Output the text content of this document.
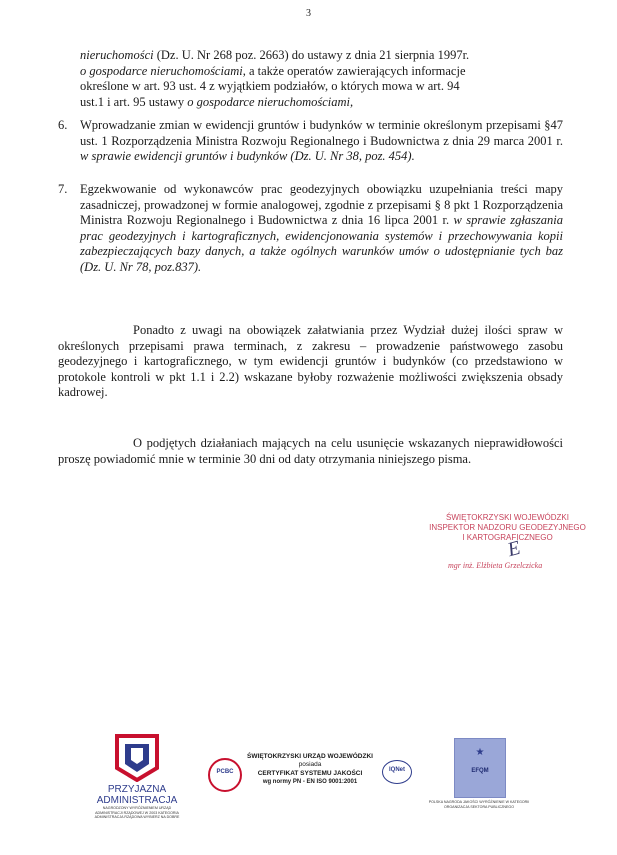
3
nieruchomości (Dz. U. Nr 268 poz. 2663) do ustawy z dnia 21 sierpnia 1997r.
o gospodarce nieruchomościami, a także operatów zawierających informacje
określone w art. 93 ust. 4 z wyjątkiem podziałów, o których mowa w art. 94
ust.1 i art. 95 ustawy o gospodarce nieruchomościami,
6. Wprowadzanie zmian w ewidencji gruntów i budynków w terminie określonym przepisami §47 ust. 1 Rozporządzenia Ministra Rozwoju Regionalnego i Budownictwa z dnia 29 marca 2001 r. w sprawie ewidencji gruntów i budynków (Dz. U. Nr 38, poz. 454).
7. Egzekwowanie od wykonawców prac geodezyjnych obowiązku uzupełniania treści mapy zasadniczej, prowadzonej w formie analogowej, zgodnie z przepisami § 8 pkt 1 Rozporządzenia Ministra Rozwoju Regionalnego i Budownictwa z dnia 16 lipca 2001 r. w sprawie zgłaszania prac geodezyjnych i kartograficznych, ewidencjonowania systemów i przechowywania kopii zabezpieczających bazy danych, a także ogólnych warunków umów o udostępnianie tych baz (Dz. U. Nr 78, poz.837).
Ponadto z uwagi na obowiązek załatwiania przez Wydział dużej ilości spraw w określonych przepisami prawa terminach, z zakresu – prowadzenie państwowego zasobu geodezyjnego i kartograficznego, w tym ewidencji gruntów i budynków (co przedstawiono w protokole kontroli w pkt 1.1 i 2.2) wskazane byłoby rozważenie możliwości zwiększenia obsady kadrowej.
O podjętych działaniach mających na celu usunięcie wskazanych nieprawidłowości proszę powiadomić mnie w terminie 30 dni od daty otrzymania niniejszego pisma.
ŚWIĘTOKRZYSKI WOJEWÓDZKI
INSPEKTOR NADZORU GEODEZYJNEGO
I KARTOGRAFICZNEGO
E
mgr inż. Elżbieta Grzelczicka
PRZYJAZNA
ADMINISTRACJA
NAGRODZONY WYRÓŻNIENIEM URZĄD ADMINISTRACJI RZĄDOWEJ W 2003 KATEGORIA ADMINISTRACJA RZĄDOWA WYBIERZ NA DOBRE
PCBC
ŚWIĘTOKRZYSKI URZĄD WOJEWÓDZKI
posiada
CERTYFIKAT SYSTEMU JAKOŚCI
wg normy PN - EN ISO 9001:2001
IQNet
★
EFQM
POLSKA NAGRODA JAKOŚCI WYRÓŻNIENIE W KATEGORII ORGANIZACJA SEKTORA PUBLICZNEGO
